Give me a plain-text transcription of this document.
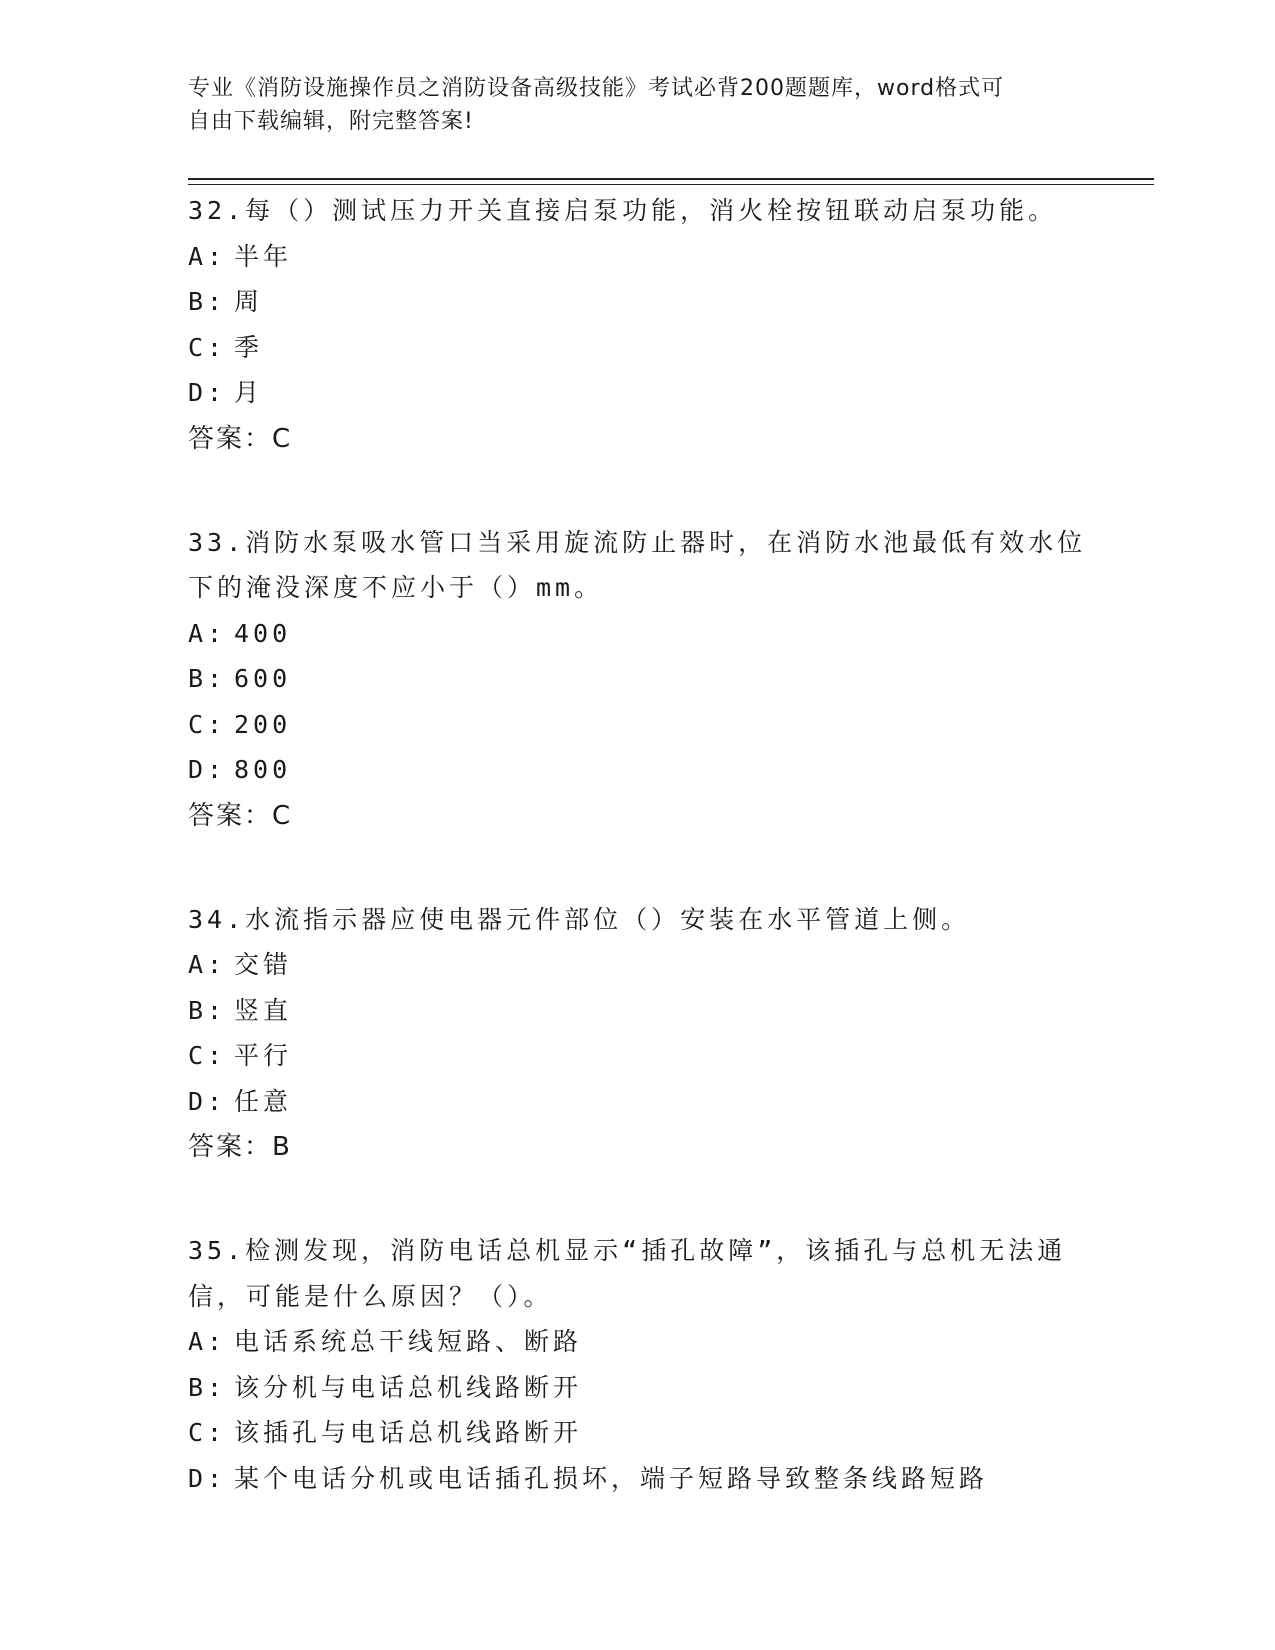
专业《消防设施操作员之消防设备高级技能》考试必背200题题库，word格式可
自由下载编辑，附完整答案!

32.每（）测试压力开关直接启泵功能，消火栓按钮联动启泵功能。

A: 半年

B: 周

C: 季

D: 月

答案：C

33.消防水泵吸水管口当采用旋流防止器时，在消防水池最低有效水位下的淹没深度不应小于（）mm。

A: 400

B: 600

C: 200

D: 800

答案：C

34.水流指示器应使电器元件部位（）安装在水平管道上侧。

A: 交错

B: 竖直

C: 平行

D: 任意

答案：B

35.检测发现，消防电话总机显示“插孔故障”，该插孔与总机无法通信，可能是什么原因？（）。

A: 电话系统总干线短路、断路

B: 该分机与电话总机线路断开

C: 该插孔与电话总机线路断开

D: 某个电话分机或电话插孔损坏，端子短路导致整条线路短路
